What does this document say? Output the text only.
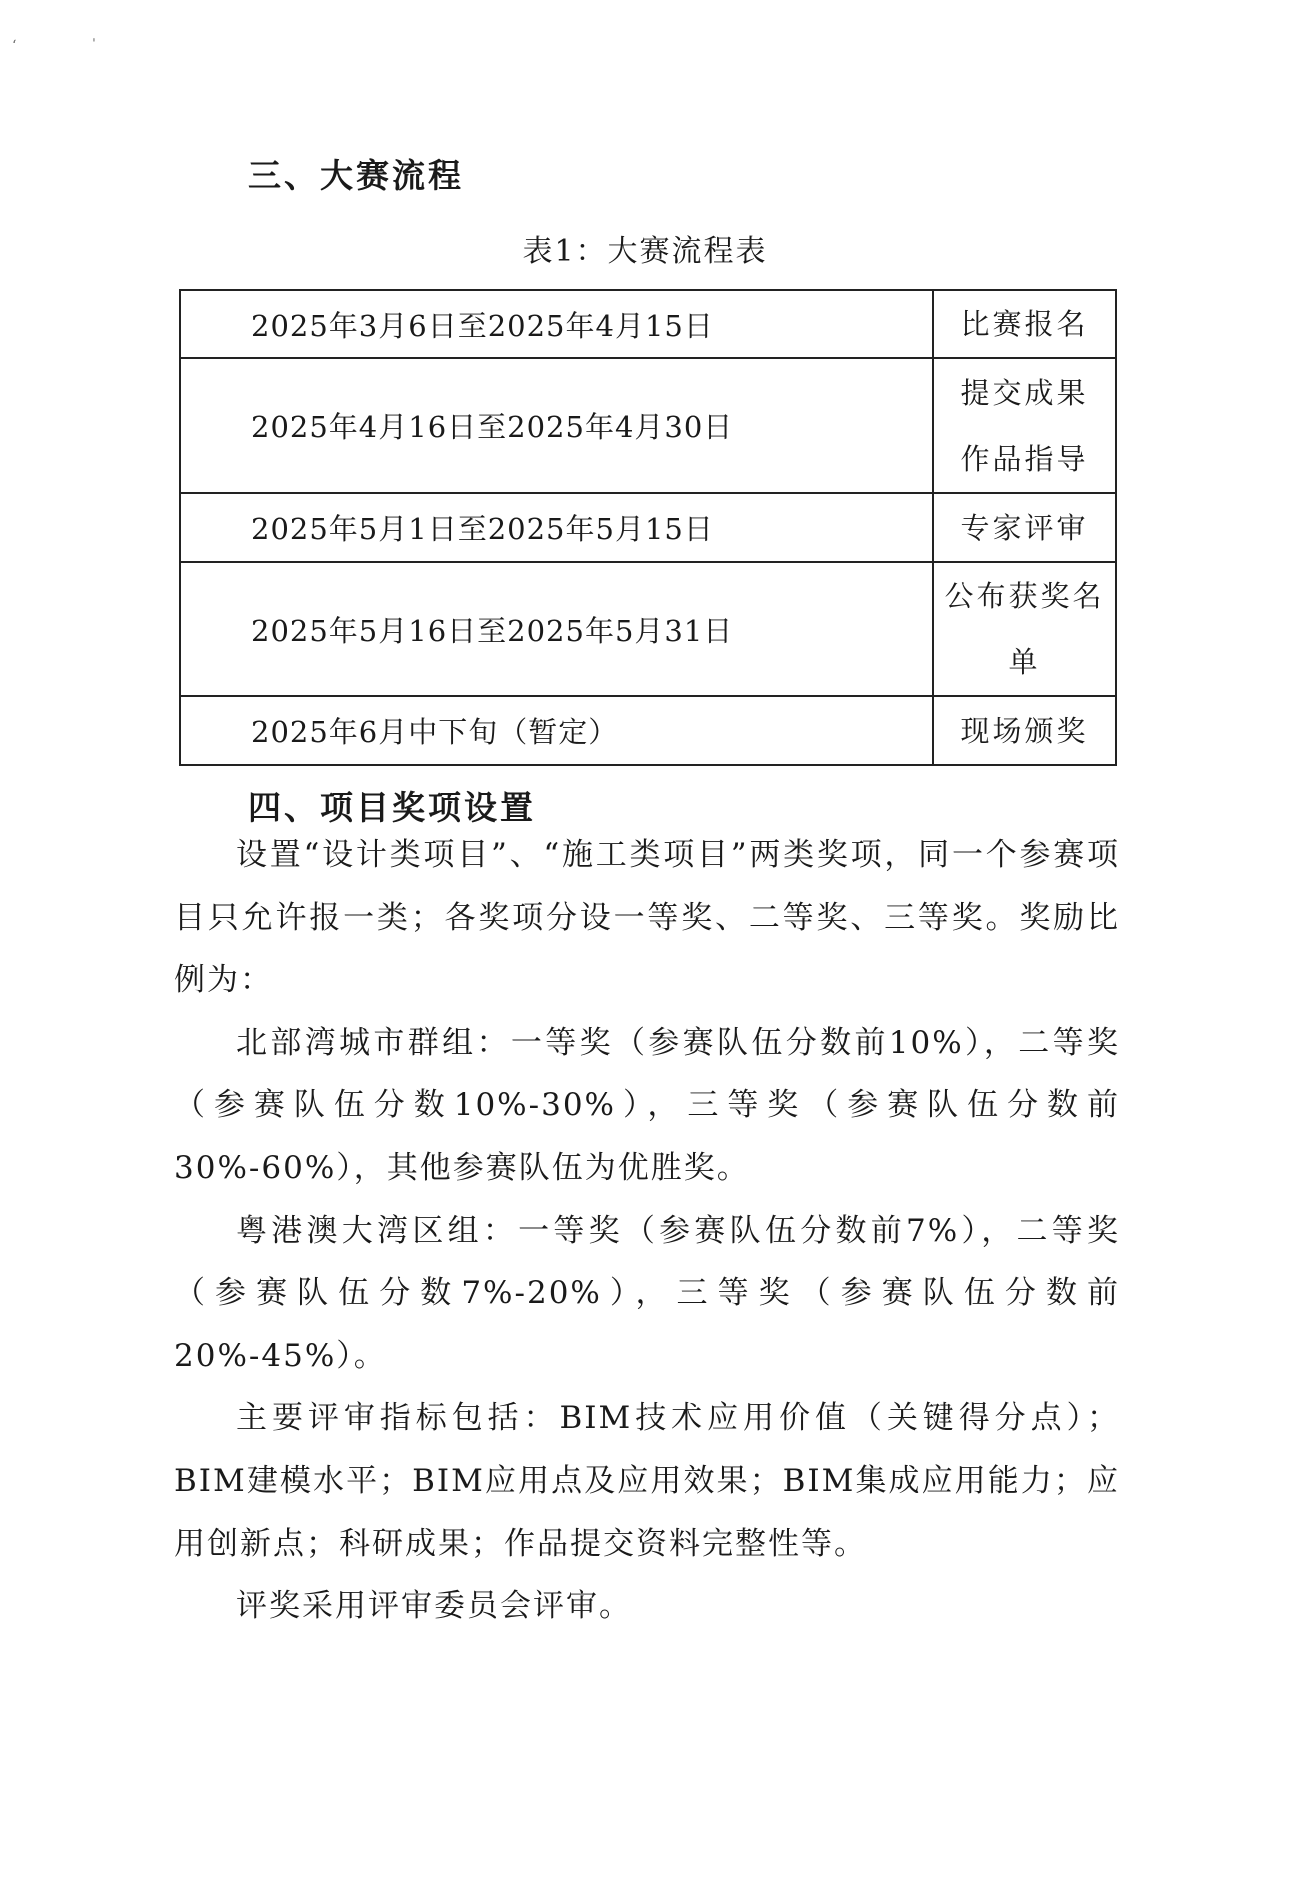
‘
ˌ
三、大赛流程
表1：大赛流程表
2025年3月6日至2025年4月15日	比赛报名

2025年4月16日至2025年4月30日	提交成果
作品指导

2025年5月1日至2025年5月15日	专家评审

2025年5月16日至2025年5月31日	公布获奖名单

2025年6月中下旬（暂定）	现场颁奖
四、项目奖项设置

设置“设计类项目”、“施工类项目”两类奖项，同一个参赛项目只允许报一类；各奖项分设一等奖、二等奖、三等奖。奖励比例为：

北部湾城市群组：一等奖（参赛队伍分数前10%），二等奖（参赛队伍分数10%-30%），三等奖（参赛队伍分数前30%-60%），其他参赛队伍为优胜奖。

粤港澳大湾区组：一等奖（参赛队伍分数前7%），二等奖（参赛队伍分数7%-20%），三等奖（参赛队伍分数前20%-45%）。

主要评审指标包括：BIM技术应用价值（关键得分点）；BIM建模水平；BIM应用点及应用效果；BIM集成应用能力；应用创新点；科研成果；作品提交资料完整性等。

评奖采用评审委员会评审。
